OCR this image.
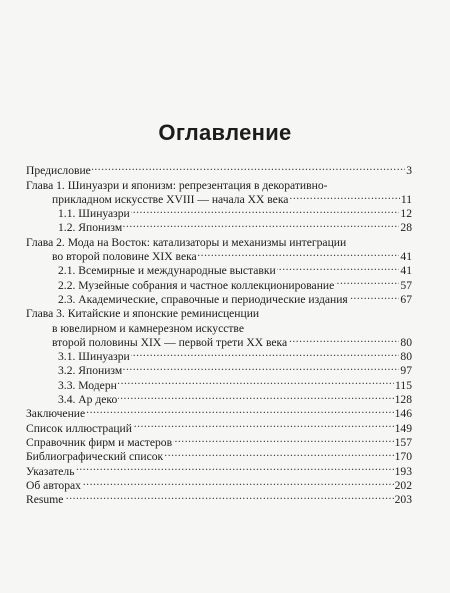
Оглавление
Предисловие . . .	3
Глава 1. Шинуазри и японизм: репрезентация в декоративно-
прикладном искусстве XVIII — начала XX века . . .	11
1.1. Шинуазри . . .	12
1.2. Японизм . . .	28
Глава 2. Мода на Восток: катализаторы и механизмы интеграции
во второй половине XIX века . . .	41
2.1. Всемирные и международные выставки . . .	41
2.2. Музейные собрания и частное коллекционирование . . .	57
2.3. Академические, справочные и периодические издания . . .	67
Глава 3. Китайские и японские реминисценции
в ювелирном и камнерезном искусстве
второй половины XIX — первой трети XX века . . .	80
3.1. Шинуазри . . .	80
3.2. Японизм . . .	97
3.3. Модерн . . .	115
3.4. Ар деко . . .	128
Заключение . . .	146
Список иллюстраций . . .	149
Справочник фирм и мастеров . . .	157
Библиографический список . . .	170
Указатель . . .	193
Об авторах . . .	202
Resume . . .	203
